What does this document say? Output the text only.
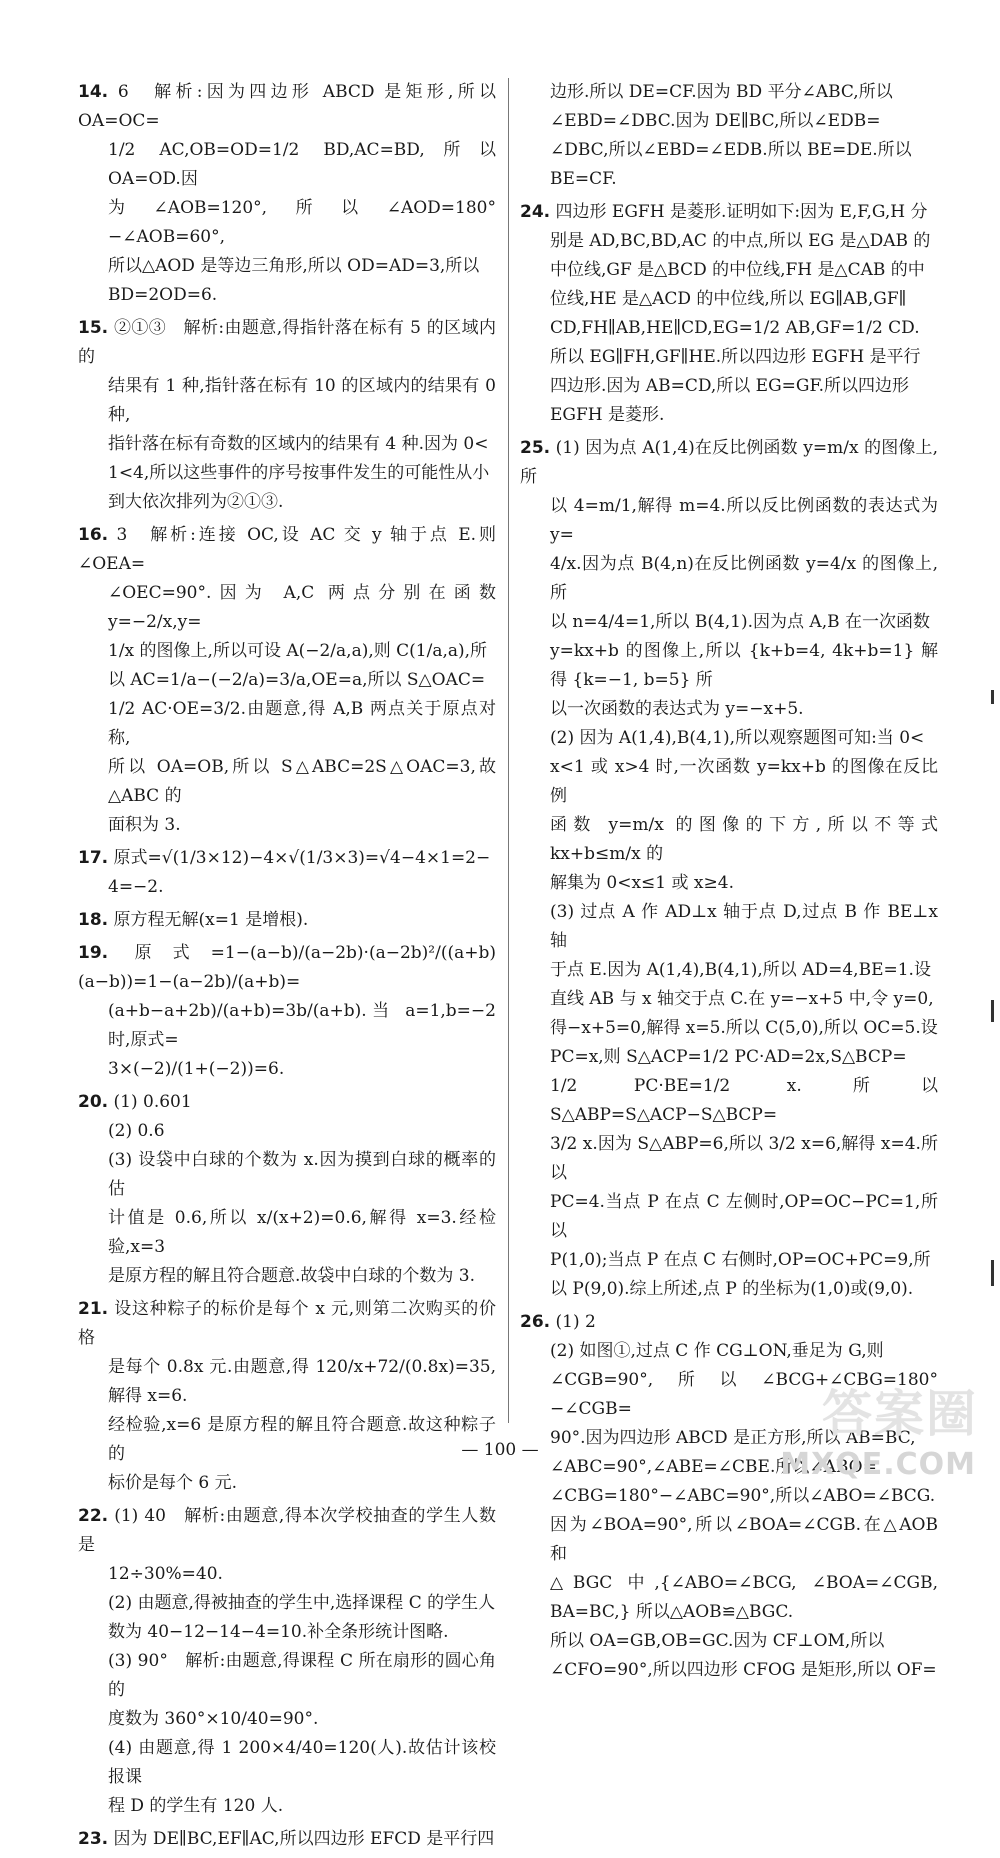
14. 6　解析:因为四边形 ABCD 是矩形,所以 OA=OC=
1/2 AC,OB=OD=1/2 BD,AC=BD,所以 OA=OD.因
为∠AOB=120°,所以∠AOD=180°−∠AOB=60°,
所以△AOD 是等边三角形,所以 OD=AD=3,所以
BD=2OD=6.
15. ②①③　解析:由题意,得指针落在标有 5 的区域内的
结果有 1 种,指针落在标有 10 的区域内的结果有 0 种,
指针落在标有奇数的区域内的结果有 4 种.因为 0<
1<4,所以这些事件的序号按事件发生的可能性从小
到大依次排列为②①③.
16. 3　解析:连接 OC,设 AC 交 y 轴于点 E.则∠OEA=
∠OEC=90°.因为 A,C 两点分别在函数 y=−2/x,y=
1/x 的图像上,所以可设 A(−2/a,a),则 C(1/a,a),所
以 AC=1/a−(−2/a)=3/a,OE=a,所以 S△OAC=
1/2 AC·OE=3/2.由题意,得 A,B 两点关于原点对称,
所以 OA=OB,所以 S△ABC=2S△OAC=3,故△ABC 的
面积为 3.
17. 原式=√(1/3×12)−4×√(1/3×3)=√4−4×1=2−
4=−2.
18. 原方程无解(x=1 是增根).
19. 原式=1−(a−b)/(a−2b)·(a−2b)²/((a+b)(a−b))=1−(a−2b)/(a+b)=
(a+b−a+2b)/(a+b)=3b/(a+b).当 a=1,b=−2 时,原式=
3×(−2)/(1+(−2))=6.
20. (1) 0.601
(2) 0.6
(3) 设袋中白球的个数为 x.因为摸到白球的概率的估
计值是 0.6,所以 x/(x+2)=0.6,解得 x=3.经检验,x=3
是原方程的解且符合题意.故袋中白球的个数为 3.
21. 设这种粽子的标价是每个 x 元,则第二次购买的价格
是每个 0.8x 元.由题意,得 120/x+72/(0.8x)=35,解得 x=6.
经检验,x=6 是原方程的解且符合题意.故这种粽子的
标价是每个 6 元.
22. (1) 40　解析:由题意,得本次学校抽查的学生人数是
12÷30%=40.
(2) 由题意,得被抽查的学生中,选择课程 C 的学生人
数为 40−12−14−4=10.补全条形统计图略.
(3) 90°　解析:由题意,得课程 C 所在扇形的圆心角的
度数为 360°×10/40=90°.
(4) 由题意,得 1 200×4/40=120(人).故估计该校报课
程 D 的学生有 120 人.
23. 因为 DE∥BC,EF∥AC,所以四边形 EFCD 是平行四
边形.所以 DE=CF.因为 BD 平分∠ABC,所以
∠EBD=∠DBC.因为 DE∥BC,所以∠EDB=
∠DBC,所以∠EBD=∠EDB.所以 BE=DE.所以
BE=CF.
24. 四边形 EGFH 是菱形.证明如下:因为 E,F,G,H 分
别是 AD,BC,BD,AC 的中点,所以 EG 是△DAB 的
中位线,GF 是△BCD 的中位线,FH 是△CAB 的中
位线,HE 是△ACD 的中位线,所以 EG∥AB,GF∥
CD,FH∥AB,HE∥CD,EG=1/2 AB,GF=1/2 CD.
所以 EG∥FH,GF∥HE.所以四边形 EGFH 是平行
四边形.因为 AB=CD,所以 EG=GF.所以四边形
EGFH 是菱形.
25. (1) 因为点 A(1,4)在反比例函数 y=m/x 的图像上,所
以 4=m/1,解得 m=4.所以反比例函数的表达式为 y=
4/x.因为点 B(4,n)在反比例函数 y=4/x 的图像上,所
以 n=4/4=1,所以 B(4,1).因为点 A,B 在一次函数
y=kx+b 的图像上,所以 {k+b=4, 4k+b=1} 解得 {k=−1, b=5} 所
以一次函数的表达式为 y=−x+5.
(2) 因为 A(1,4),B(4,1),所以观察题图可知:当 0<
x<1 或 x>4 时,一次函数 y=kx+b 的图像在反比例
函数 y=m/x 的图像的下方,所以不等式 kx+b≤m/x 的
解集为 0<x≤1 或 x≥4.
(3) 过点 A 作 AD⊥x 轴于点 D,过点 B 作 BE⊥x 轴
于点 E.因为 A(1,4),B(4,1),所以 AD=4,BE=1.设
直线 AB 与 x 轴交于点 C.在 y=−x+5 中,令 y=0,
得−x+5=0,解得 x=5.所以 C(5,0),所以 OC=5.设
PC=x,则 S△ACP=1/2 PC·AD=2x,S△BCP=
1/2 PC·BE=1/2 x.所以 S△ABP=S△ACP−S△BCP=
3/2 x.因为 S△ABP=6,所以 3/2 x=6,解得 x=4.所以
PC=4.当点 P 在点 C 左侧时,OP=OC−PC=1,所以
P(1,0);当点 P 在点 C 右侧时,OP=OC+PC=9,所
以 P(9,0).综上所述,点 P 的坐标为(1,0)或(9,0).
26. (1) 2
(2) 如图①,过点 C 作 CG⊥ON,垂足为 G,则
∠CGB=90°,所以∠BCG+∠CBG=180°−∠CGB=
90°.因为四边形 ABCD 是正方形,所以 AB=BC,
∠ABC=90°,∠ABE=∠CBE.所以∠ABO=
∠CBG=180°−∠ABC=90°,所以∠ABO=∠BCG.
因为∠BOA=90°,所以∠BOA=∠CGB.在△AOB 和
△BGC 中,{∠ABO=∠BCG, ∠BOA=∠CGB, BA=BC,} 所以△AOB≌△BGC.
所以 OA=GB,OB=GC.因为 CF⊥OM,所以
∠CFO=90°,所以四边形 CFOG 是矩形,所以 OF=
— 100 —
答案圈
MXQE.COM
